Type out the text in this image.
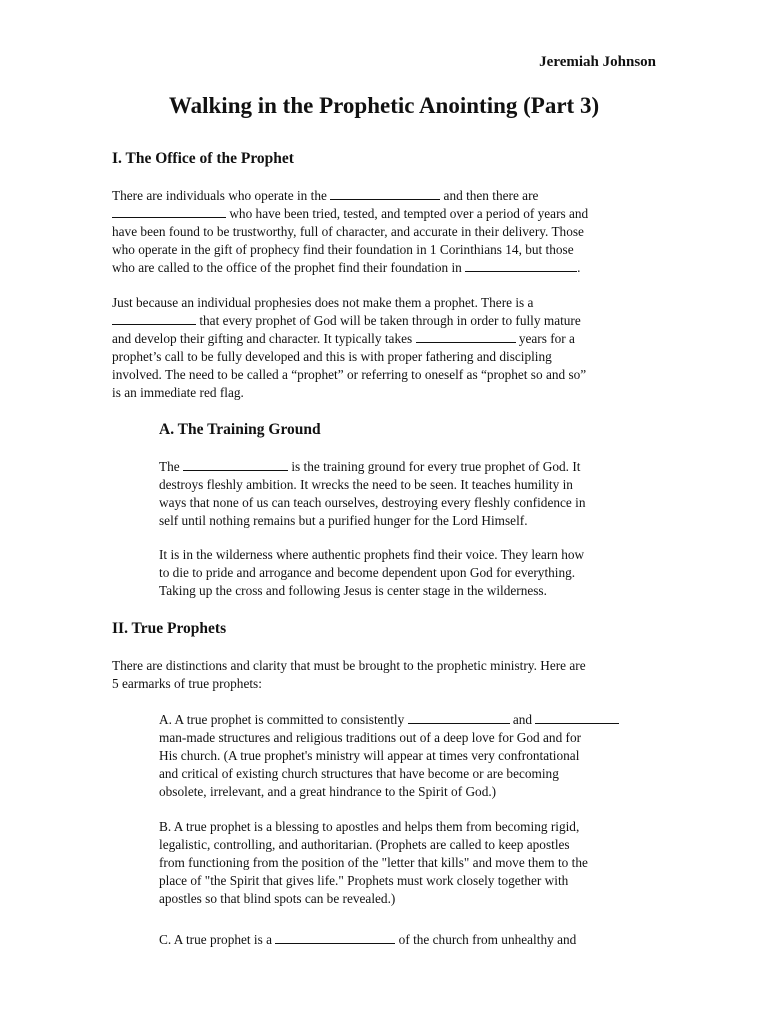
Jeremiah Johnson
Walking in the Prophetic Anointing (Part 3)
I. The Office of the Prophet
There are individuals who operate in the	and then there are
who have been tried, tested, and tempted over a period of years and
have been found to be trustworthy, full of character, and accurate in their delivery. Those
who operate in the gift of prophecy find their foundation in 1 Corinthians 14, but those
who are called to the office of the prophet find their foundation in	.
Just because an individual prophesies does not make them a prophet. There is a
that every prophet of God will be taken through in order to fully mature
and develop their gifting and character. It typically takes	years for a
prophet’s call to be fully developed and this is with proper fathering and discipling
involved. The need to be called a “prophet” or referring to oneself as “prophet so and so”
is an immediate red flag.
A. The Training Ground
The	is the training ground for every true prophet of God. It
destroys fleshly ambition. It wrecks the need to be seen. It teaches humility in
ways that none of us can teach ourselves, destroying every fleshly confidence in
self until nothing remains but a purified hunger for the Lord Himself.
It is in the wilderness where authentic prophets find their voice. They learn how
to die to pride and arrogance and become dependent upon God for everything.
Taking up the cross and following Jesus is center stage in the wilderness.
II. True Prophets
There are distinctions and clarity that must be brought to the prophetic ministry. Here are
5 earmarks of true prophets:
A. A true prophet is committed to consistently	and
man-made structures and religious traditions out of a deep love for God and for
His church. (A true prophet's ministry will appear at times very confrontational
and critical of existing church structures that have become or are becoming
obsolete, irrelevant, and a great hindrance to the Spirit of God.)
B. A true prophet is a blessing to apostles and helps them from becoming rigid,
legalistic, controlling, and authoritarian. (Prophets are called to keep apostles
from functioning from the position of the "letter that kills" and move them to the
place of "the Spirit that gives life." Prophets must work closely together with
apostles so that blind spots can be revealed.)
C. A true prophet is a	of the church from unhealthy and
